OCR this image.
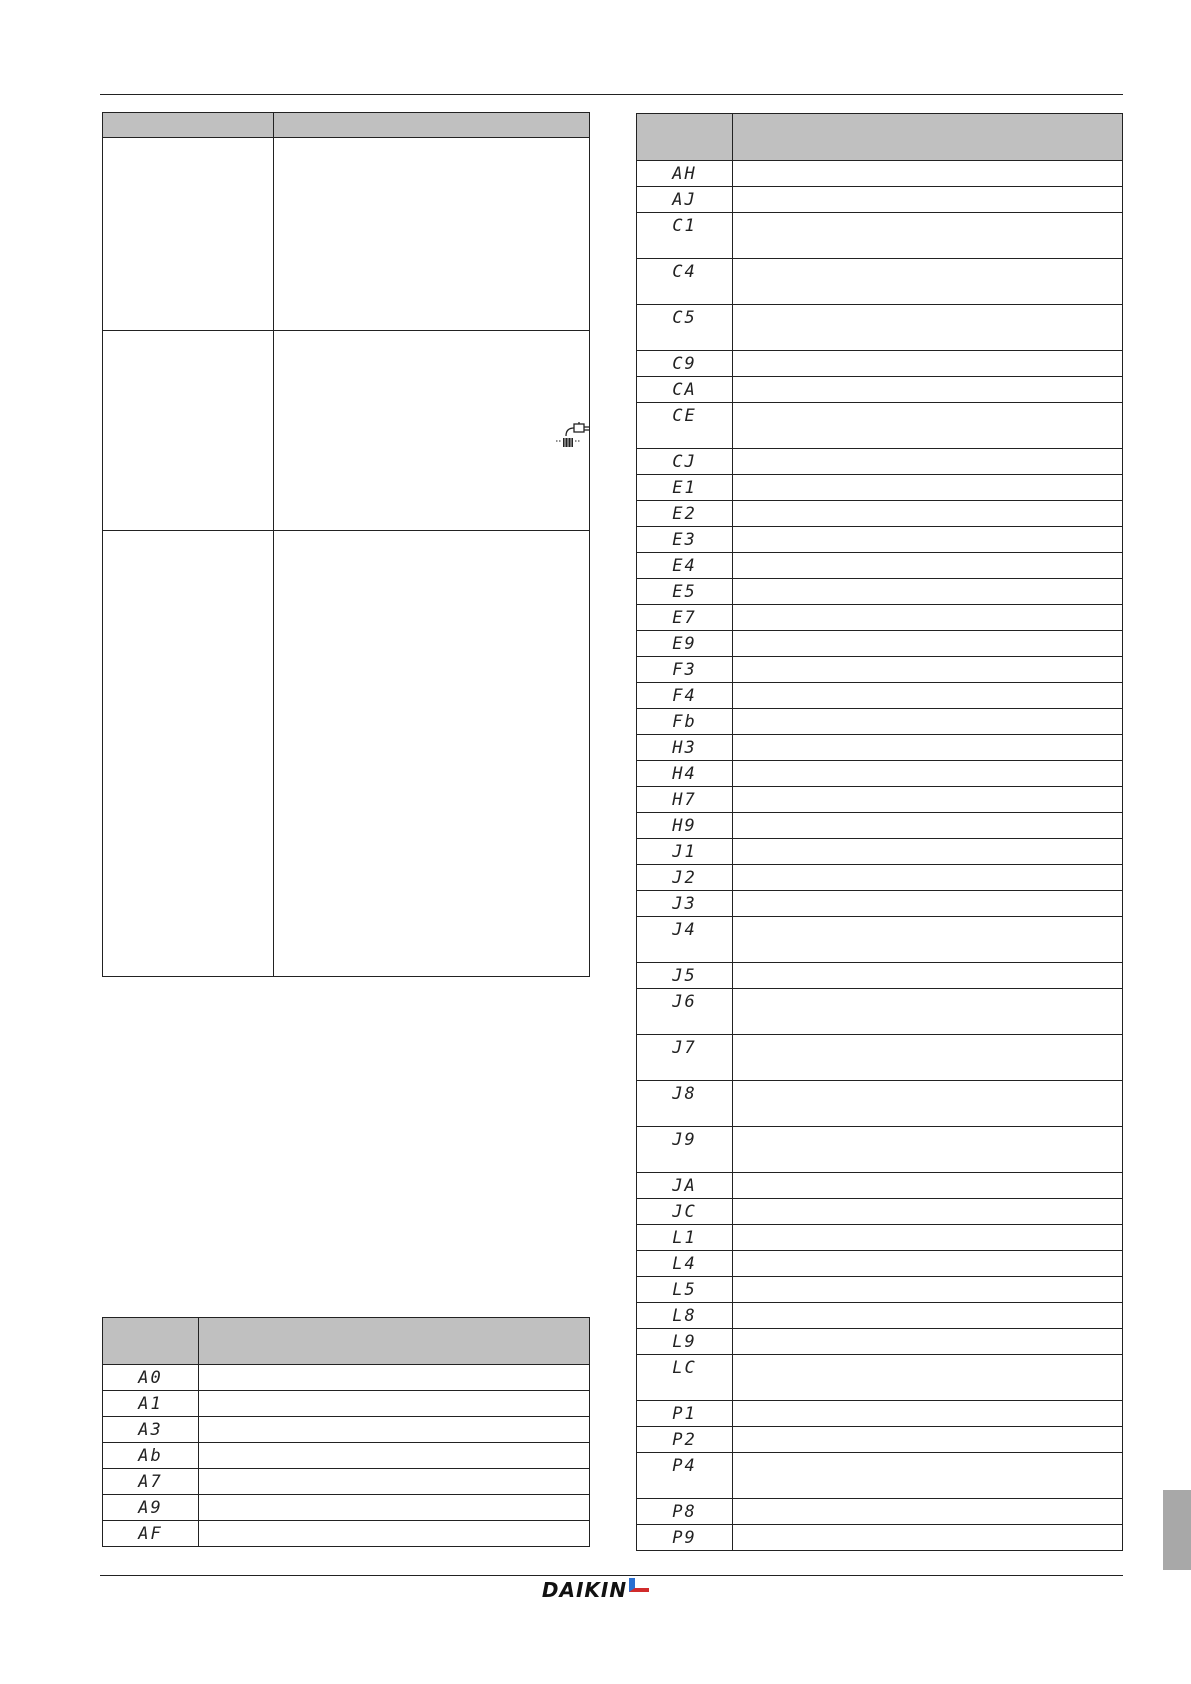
A0	
A1	
A3	
Ab	
A7	
A9	
AF	

AH	
AJ	
C1	
C4	
C5	
C9	
CA	
CE	
CJ	
E1	
E2	
E3	
E4	
E5	
E7	
E9	
F3	
F4	
Fb	
H3	
H4	
H7	
H9	
J1	
J2	
J3	
J4	
J5	
J6	
J7	
J8	
J9	
JA	
JC	
L1	
L4	
L5	
L8	
L9	
LC	
P1	
P2	
P4	
P8	
P9	
DAIKIN
